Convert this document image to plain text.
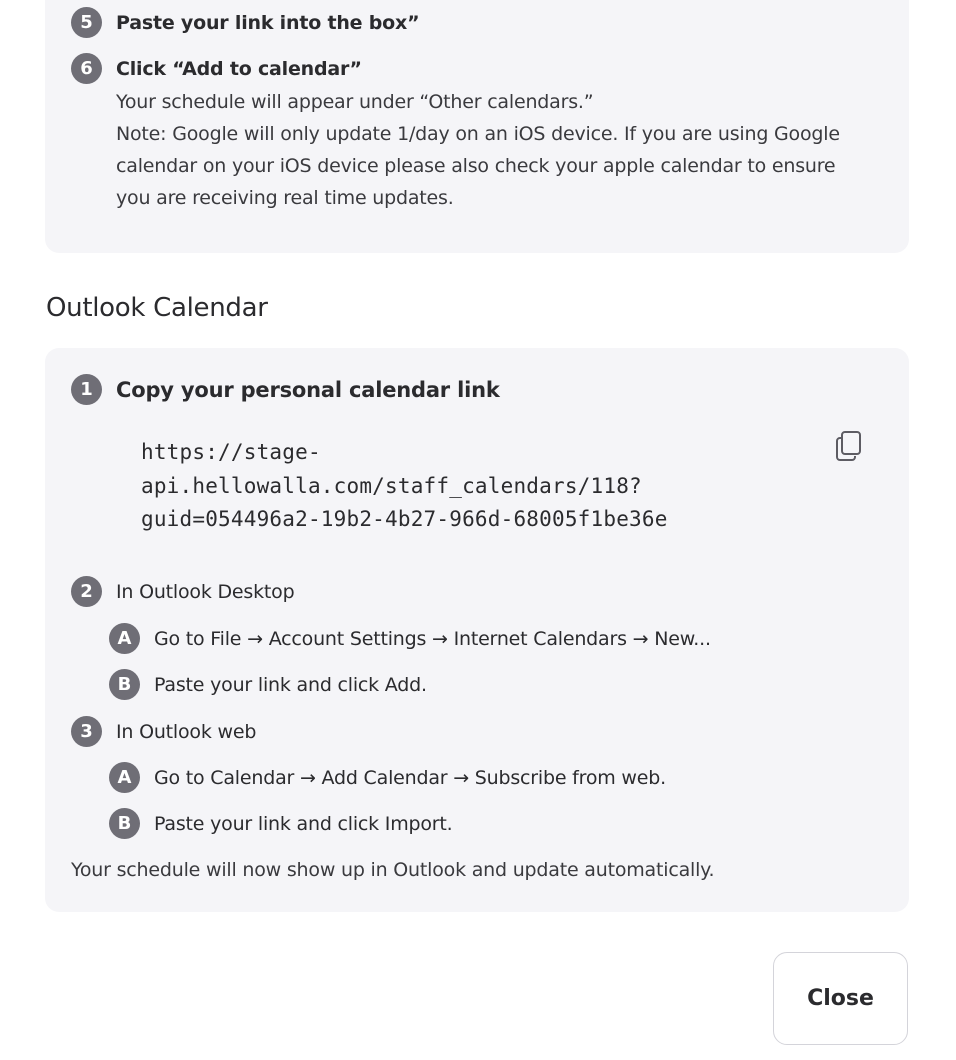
5	Paste your link into the box”
6	Click “Add to calendar”
Your schedule will appear under “Other calendars.”
Note: Google will only update 1/day on an iOS device. If you are using Google
calendar on your iOS device please also check your apple calendar to ensure
you are receiving real time updates.
Outlook Calendar
1	Copy your personal calendar link
https://stage-
api.hellowalla.com/staff_calendars/118?
guid=054496a2-19b2-4b27-966d-68005f1be36e
2	In Outlook Desktop
A	Go to File → Account Settings → Internet Calendars → New...
B	Paste your link and click Add.
3	In Outlook web
A	Go to Calendar → Add Calendar → Subscribe from web.
B	Paste your link and click Import.
Your schedule will now show up in Outlook and update automatically.
Close
